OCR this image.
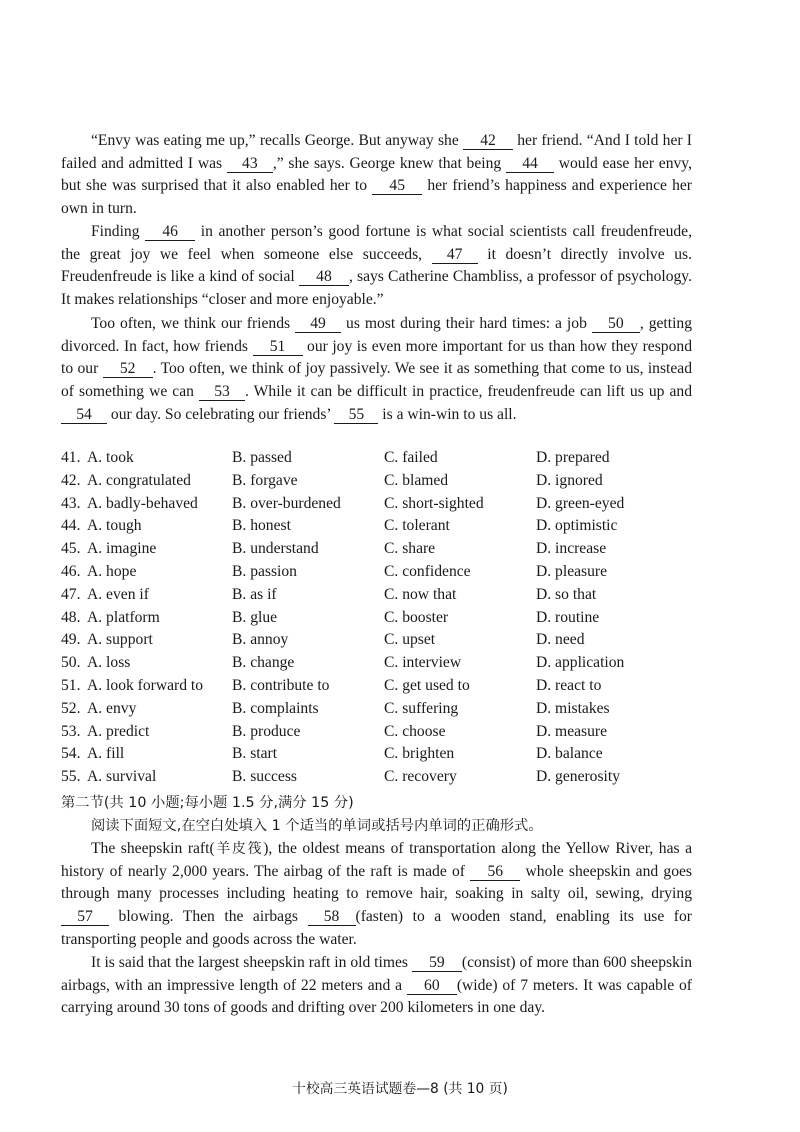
“Envy was eating me up,” recalls George. But anyway she 42 her friend. “And I told her I failed and admitted I was 43 ,” she says. George knew that being 44 would ease her envy, but she was surprised that it also enabled her to 45 her friend’s happiness and experience her own in turn.
Finding 46 in another person’s good fortune is what social scientists call freudenfreude, the great joy we feel when someone else succeeds, 47 it doesn’t directly involve us. Freudenfreude is like a kind of social 48 , says Catherine Chambliss, a professor of psychology. It makes relationships “closer and more enjoyable.”
Too often, we think our friends 49 us most during their hard times: a job 50 , getting divorced. In fact, how friends 51 our joy is even more important for us than how they respond to our 52 . Too often, we think of joy passively. We see it as something that come to us, instead of something we can 53 . While it can be difficult in practice, freudenfreude can lift us up and 54 our day. So celebrating our friends’ 55 is a win-win to us all.
41. A. took	B. passed	C. failed	D. prepared
42. A. congratulated	B. forgave	C. blamed	D. ignored
43. A. badly-behaved B. over-burdened	C. short-sighted	D. green-eyed
44. A. tough	B. honest	C. tolerant	D. optimistic
45. A. imagine	B. understand	C. share	D. increase
46. A. hope	B. passion	C. confidence	D. pleasure
47. A. even if	B. as if	C. now that	D. so that
48. A. platform	B. glue	C. booster	D. routine
49. A. support	B. annoy	C. upset	D. need
50. A. loss	B. change	C. interview	D. application
51. A. look forward to B. contribute to	C. get used to	D. react to
52. A. envy	B. complaints	C. suffering	D. mistakes
53. A. predict	B. produce	C. choose	D. measure
54. A. fill	B. start	C. brighten	D. balance
55. A. survival	B. success	C. recovery	D. generosity
第二节(共 10 小题;每小题 1.5 分,满分 15 分)
阅读下面短文,在空白处填入 1 个适当的单词或括号内单词的正确形式。
The sheepskin raft(羊皮筏), the oldest means of transportation along the Yellow River, has a history of nearly 2,000 years. The airbag of the raft is made of 56 whole sheepskin and goes through many processes including heating to remove hair, soaking in salty oil, sewing, drying 57 blowing. Then the airbags 58 (fasten) to a wooden stand, enabling its use for transporting people and goods across the water.
It is said that the largest sheepskin raft in old times 59 (consist) of more than 600 sheepskin airbags, with an impressive length of 22 meters and a 60 (wide) of 7 meters. It was capable of carrying around 30 tons of goods and drifting over 200 kilometers in one day.
十校高三英语试题卷—8 (共 10 页)
